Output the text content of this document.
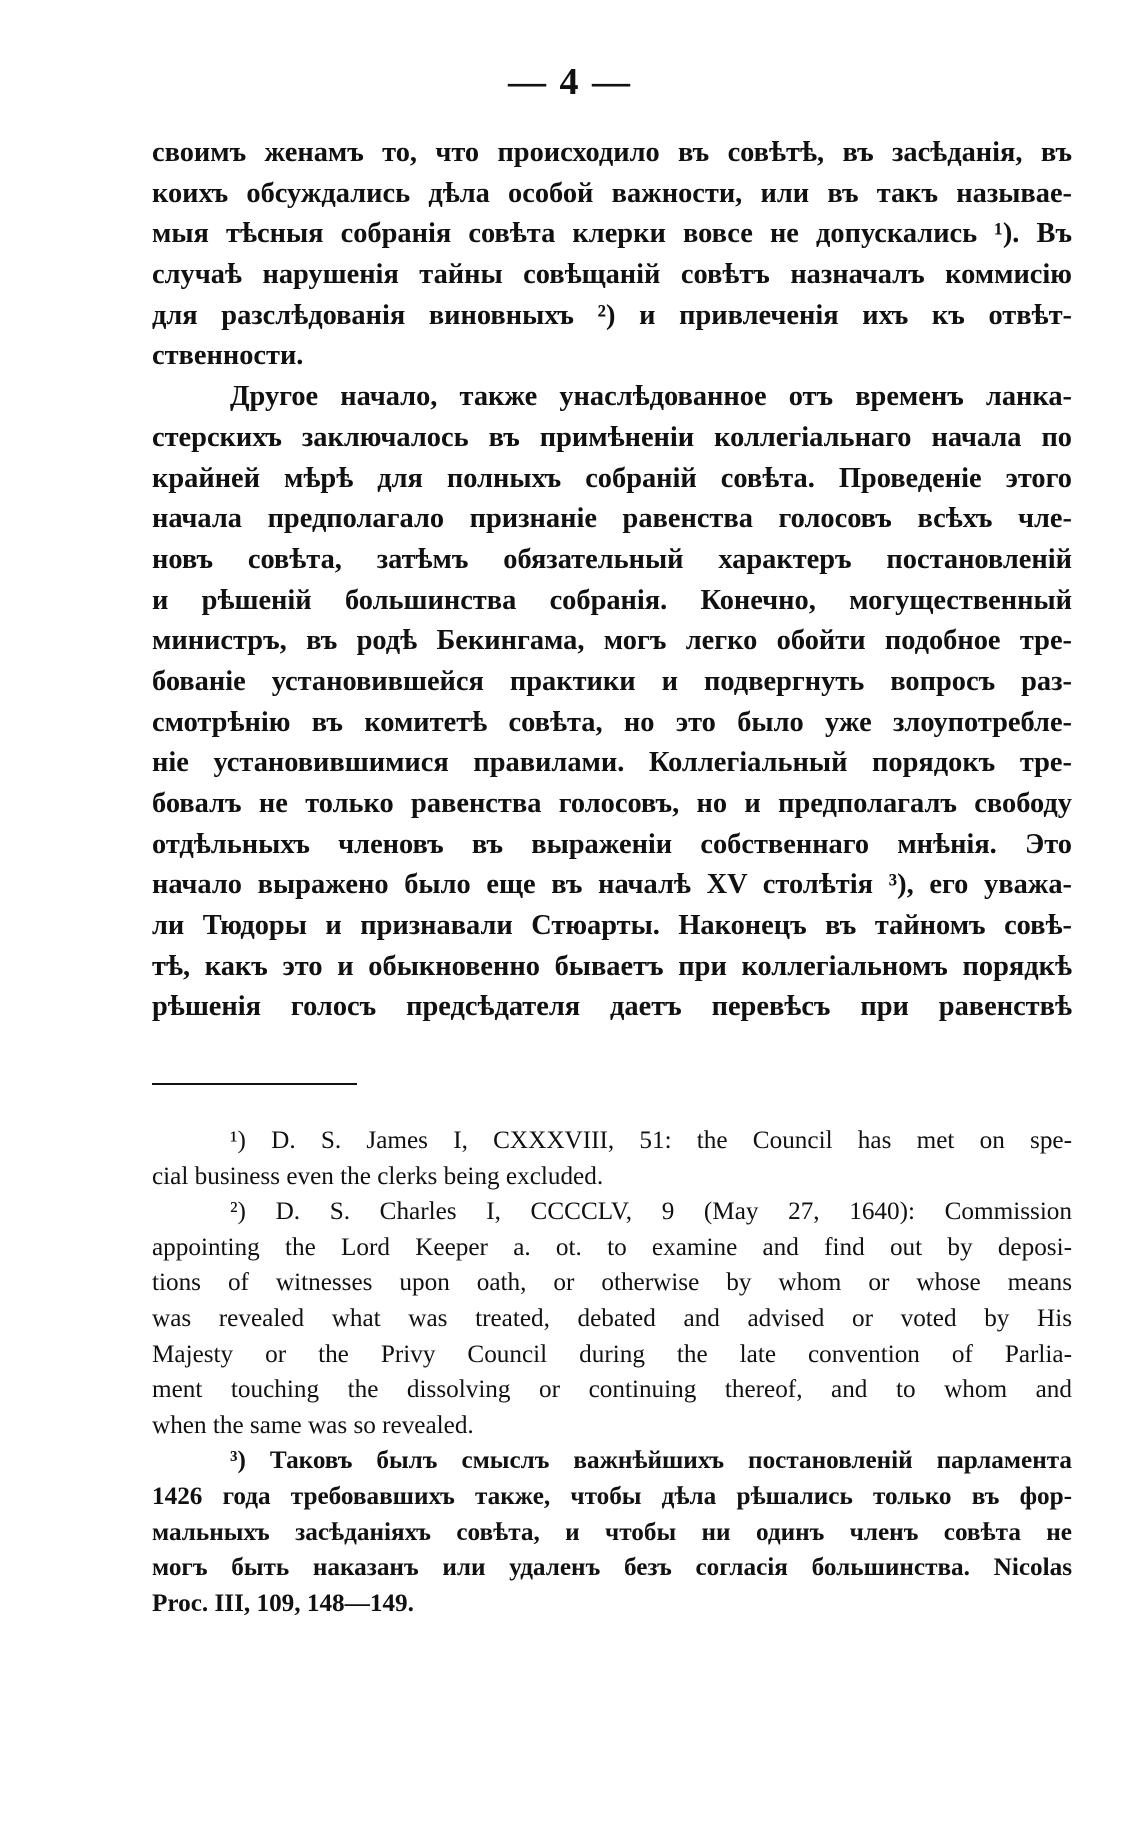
— 4 —
своимъ женамъ то, что происходило въ совѣтѣ, въ засѣданія, въ
коихъ обсуждались дѣла особой важности, или въ такъ называе-
мыя тѣсныя собранія совѣта клерки вовсе не допускались ¹). Въ
случаѣ нарушенія тайны совѣщаній совѣтъ назначалъ коммисію
для разслѣдованія виновныхъ ²) и привлеченія ихъ къ отвѣт-
ственности.
Другое начало, также унаслѣдованное отъ временъ ланка-
стерскихъ заключалось въ примѣненіи коллегіальнаго начала по
крайней мѣрѣ для полныхъ собраній совѣта. Проведеніе этого
начала предполагало признаніе равенства голосовъ всѣхъ чле-
новъ совѣта, затѣмъ обязательный характеръ постановленій
и рѣшеній большинства собранія. Конечно, могущественный
министръ, въ родѣ Бекингама, могъ легко обойти подобное тре-
бованіе установившейся практики и подвергнуть вопросъ раз-
смотрѣнію въ комитетѣ совѣта, но это было уже злоупотребле-
ніе установившимися правилами. Коллегіальный порядокъ тре-
бовалъ не только равенства голосовъ, но и предполагалъ свободу
отдѣльныхъ членовъ въ выраженіи собственнаго мнѣнія. Это
начало выражено было еще въ началѣ XV столѣтія ³), его уважа-
ли Тюдоры и признавали Стюарты. Наконецъ въ тайномъ совѣ-
тѣ, какъ это и обыкновенно бываетъ при коллегіальномъ порядкѣ
рѣшенія голосъ предсѣдателя даетъ перевѣсъ при равенствѣ
¹) D. S. James I, CXXXVIII, 51: the Council has met on spe-
cial business even the clerks being excluded.
²) D. S. Charles I, CCCCLV, 9 (May 27, 1640): Commission
appointing the Lord Keeper a. ot. to examine and find out by deposi-
tions of witnesses upon oath, or otherwise by whom or whose means
was revealed what was treated, debated and advised or voted by His
Majesty or the Privy Council during the late convention of Parlia-
ment touching the dissolving or continuing thereof, and to whom and
when the same was so revealed.
³) Таковъ былъ смыслъ важнѣйшихъ постановленій парламента
1426 года требовавшихъ также, чтобы дѣла рѣшались только въ фор-
мальныхъ засѣданіяхъ совѣта, и чтобы ни одинъ членъ совѣта не
могъ быть наказанъ или удаленъ безъ согласія большинства. Nicolas
Proc. III, 109, 148—149.
